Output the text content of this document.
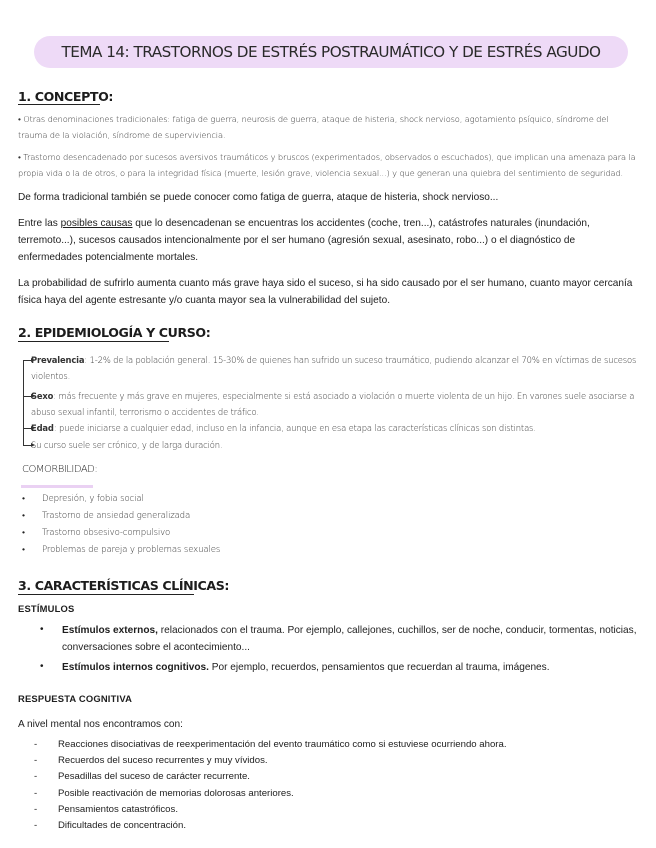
TEMA 14: TRASTORNOS DE ESTRÉS POSTRAUMÁTICO Y DE ESTRÉS AGUDO
1. CONCEPTO:
• Otras denominaciones tradicionales: fatiga de guerra, neurosis de guerra, ataque de histeria, shock nervioso, agotamiento psíquico, síndrome del trauma de la violación, síndrome de superviviencia.
• Trastorno desencadenado por sucesos aversivos traumáticos y bruscos (experimentados, observados o escuchados), que implican una amenaza para la propia vida o la de otros, o para la integridad física (muerte, lesión grave, violencia sexual...) y que generan una quiebra del sentimiento de seguridad.
De forma tradicional también se puede conocer como fatiga de guerra, ataque de histeria, shock nervioso...
Entre las posibles causas que lo desencadenan se encuentras los accidentes (coche, tren...), catástrofes naturales (inundación, terremoto...), sucesos causados intencionalmente por el ser humano (agresión sexual, asesinato, robo...) o el diagnóstico de enfermedades potencialmente mortales.
La probabilidad de sufrirlo aumenta cuanto más grave haya sido el suceso, si ha sido causado por el ser humano, cuanto mayor cercanía física haya del agente estresante y/o cuanta mayor sea la vulnerabilidad del sujeto.
2. EPIDEMIOLOGÍA Y CURSO:
Prevalencia: 1-2% de la población general. 15-30% de quienes han sufrido un suceso traumático, pudiendo alcanzar el 70% en víctimas de sucesos violentos.
Sexo: más frecuente y más grave en mujeres, especialmente si está asociado a violación o muerte violenta de un hijo. En varones suele asociarse a abuso sexual infantil, terrorismo o accidentes de tráfico.
Edad: puede iniciarse a cualquier edad, incluso en la infancia, aunque en esa etapa las características clínicas son distintas.
Su curso suele ser crónico, y de larga duración.
COMORBILIDAD:
• Depresión, y fobia social
• Trastorno de ansiedad generalizada
• Trastorno obsesivo-compulsivo
• Problemas de pareja y problemas sexuales
3. CARACTERÍSTICAS CLÍNICAS:
ESTÍMULOS
• Estímulos externos, relacionados con el trauma. Por ejemplo, callejones, cuchillos, ser de noche, conducir, tormentas, noticias, conversaciones sobre el acontecimiento...
• Estímulos internos cognitivos. Por ejemplo, recuerdos, pensamientos que recuerdan al trauma, imágenes.
RESPUESTA COGNITIVA
A nivel mental nos encontramos con:
- Reacciones disociativas de reexperimentación del evento traumático como si estuviese ocurriendo ahora.
- Recuerdos del suceso recurrentes y muy vívidos.
- Pesadillas del suceso de carácter recurrente.
- Posible reactivación de memorias dolorosas anteriores.
- Pensamientos catastróficos.
- Dificultades de concentración.
